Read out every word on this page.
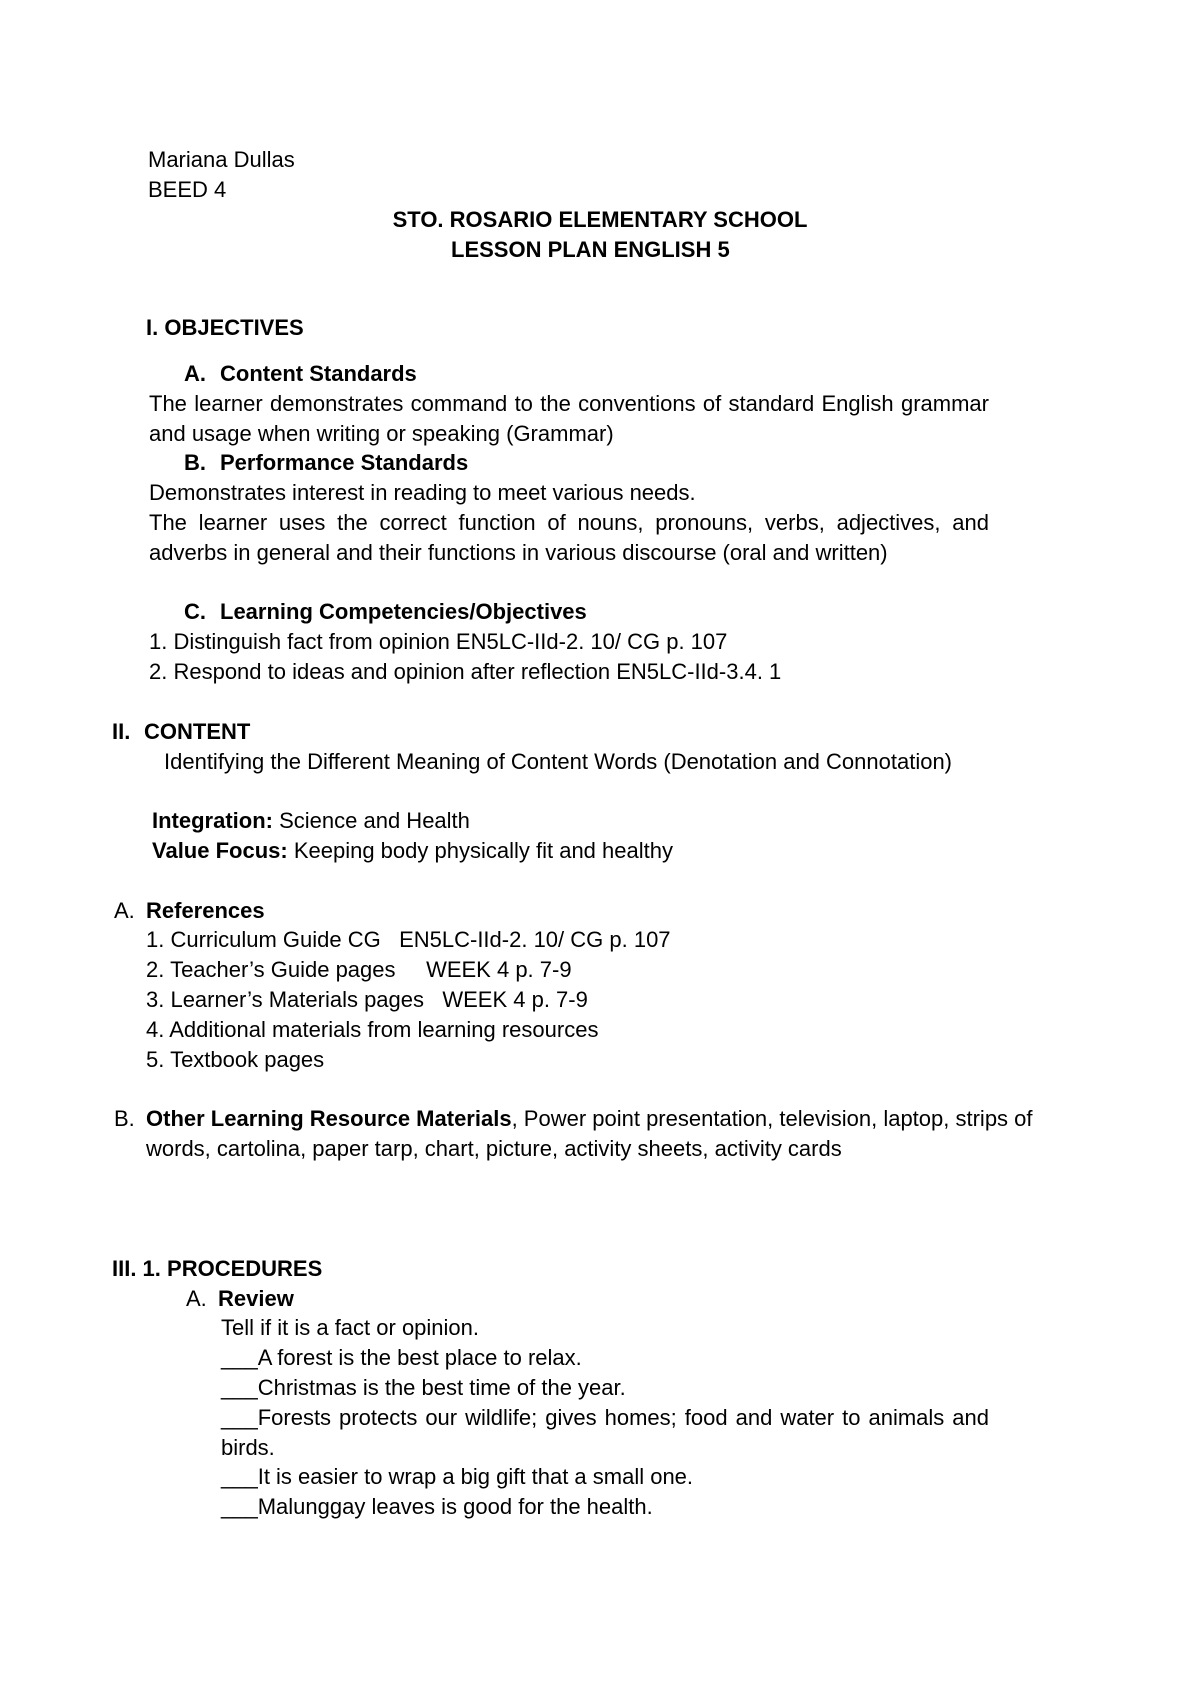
Mariana Dullas
BEED 4
STO. ROSARIO ELEMENTARY SCHOOL
LESSON PLAN ENGLISH 5
I. OBJECTIVES
A. Content Standards
The learner demonstrates command to the conventions of standard English grammar and usage when writing or speaking (Grammar)
B. Performance Standards
Demonstrates interest in reading to meet various needs.
The learner uses the correct function of nouns, pronouns, verbs, adjectives, and adverbs in general and their functions in various discourse (oral and written)
C. Learning Competencies/Objectives
1. Distinguish fact from opinion EN5LC-IId-2. 10/ CG p. 107
2. Respond to ideas and opinion after reflection EN5LC-IId-3.4. 1
II. CONTENT
Identifying the Different Meaning of Content Words (Denotation and Connotation)
Integration: Science and Health
Value Focus: Keeping body physically fit and healthy
A. References
1. Curriculum Guide CG   EN5LC-IId-2. 10/ CG p. 107
2. Teacher’s Guide pages     WEEK 4 p. 7-9
3. Learner’s Materials pages   WEEK 4 p. 7-9
4. Additional materials from learning resources
5. Textbook pages
B. Other Learning Resource Materials, Power point presentation, television, laptop, strips of words, cartolina, paper tarp, chart, picture, activity sheets, activity cards
III. 1. PROCEDURES
A. Review
Tell if it is a fact or opinion.
___A forest is the best place to relax.
___Christmas is the best time of the year.
___Forests protects our wildlife; gives homes; food and water to animals and birds.
___It is easier to wrap a big gift that a small one.
___Malunggay leaves is good for the health.
